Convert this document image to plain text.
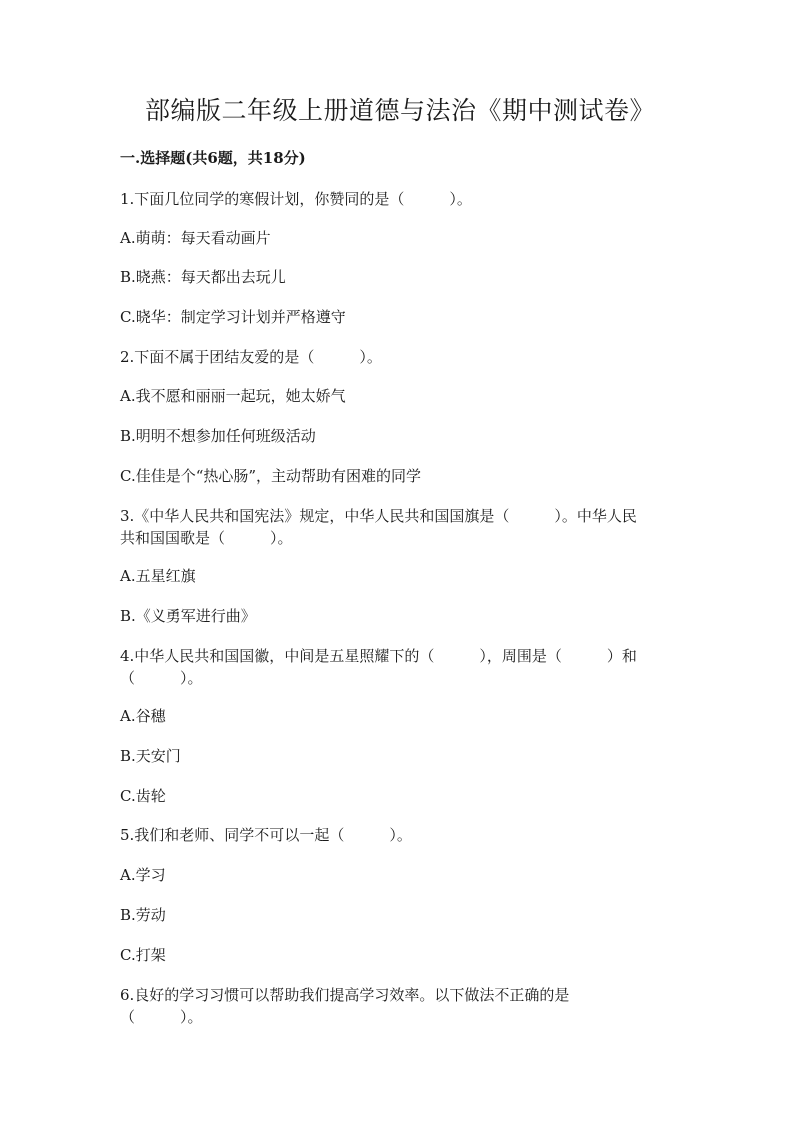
部编版二年级上册道德与法治《期中测试卷》
一.选择题(共6题，共18分)
1.下面几位同学的寒假计划，你赞同的是（　　　）。
A.萌萌：每天看动画片
B.晓燕：每天都出去玩儿
C.晓华：制定学习计划并严格遵守
2.下面不属于团结友爱的是（　　　）。
A.我不愿和丽丽一起玩，她太娇气
B.明明不想参加任何班级活动
C.佳佳是个“热心肠”，主动帮助有困难的同学
3.《中华人民共和国宪法》规定，中华人民共和国国旗是（　　　）。中华人民
共和国国歌是（　　　）。
A.五星红旗
B.《义勇军进行曲》
4.中华人民共和国国徽，中间是五星照耀下的（　　　），周围是（　　　）和
（　　　）。
A.谷穗
B.天安门
C.齿轮
5.我们和老师、同学不可以一起（　　　）。
A.学习
B.劳动
C.打架
6.良好的学习习惯可以帮助我们提高学习效率。以下做法不正确的是
（　　　）。
